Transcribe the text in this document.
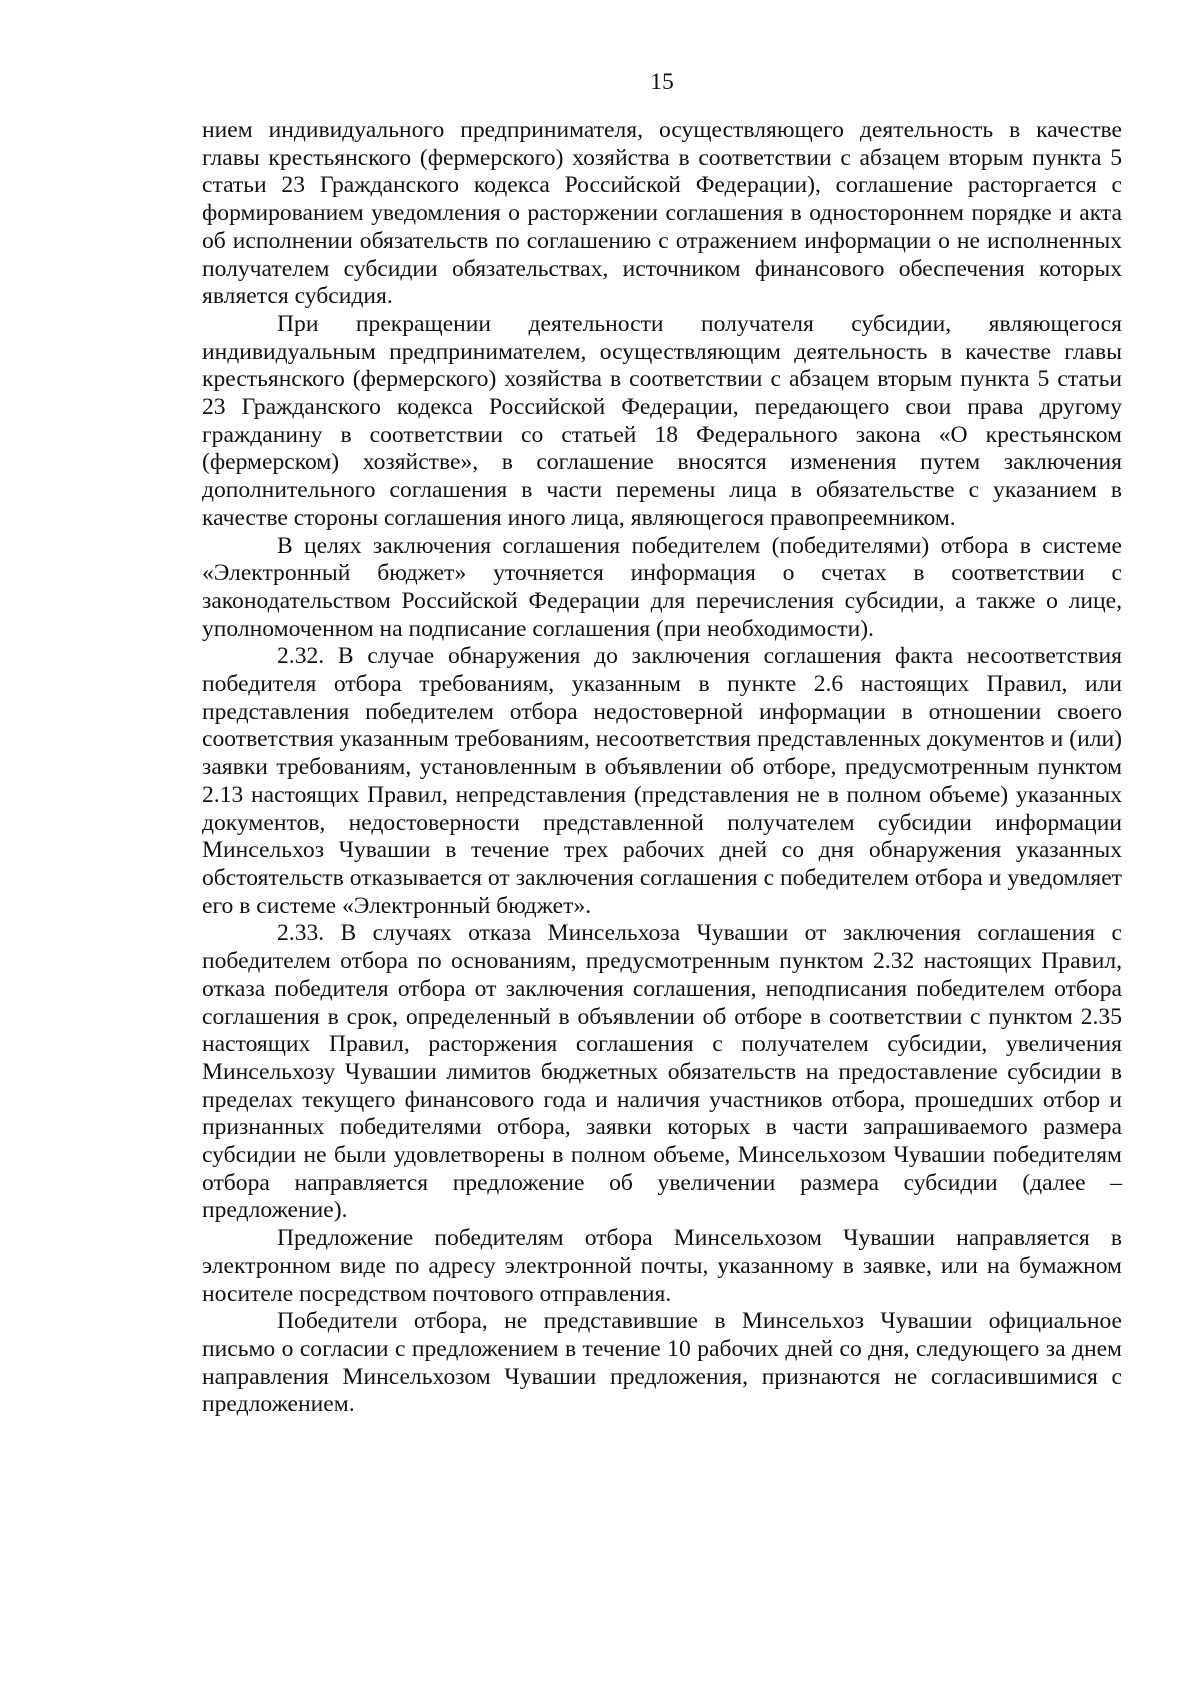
15

нием индивидуального предпринимателя, осуществляющего деятельность в качестве главы крестьянского (фермерского) хозяйства в соответствии с абзацем вторым пункта 5 статьи 23 Гражданского кодекса Российской Федерации), соглашение расторгается с формированием уведомления о расторжении соглашения в одностороннем порядке и акта об исполнении обязательств по соглашению с отражением информации о не исполненных получателем субсидии обязательствах, источником финансового обеспечения которых является субсидия.

При прекращении деятельности получателя субсидии, являющегося индивидуальным предпринимателем, осуществляющим деятельность в качестве главы крестьянского (фермерского) хозяйства в соответствии с абзацем вторым пункта 5 статьи 23 Гражданского кодекса Российской Федерации, передающего свои права другому гражданину в соответствии со статьей 18 Федерального закона «О крестьянском (фермерском) хозяйстве», в соглашение вносятся изменения путем заключения дополнительного соглашения в части перемены лица в обязательстве с указанием в качестве стороны соглашения иного лица, являющегося правопреемником.

В целях заключения соглашения победителем (победителями) отбора в системе «Электронный бюджет» уточняется информация о счетах в соответствии с законодательством Российской Федерации для перечисления субсидии, а также о лице, уполномоченном на подписание соглашения (при необходимости).

2.32. В случае обнаружения до заключения соглашения факта несоответствия победителя отбора требованиям, указанным в пункте 2.6 настоящих Правил, или представления победителем отбора недостоверной информации в отношении своего соответствия указанным требованиям, несоответствия представленных документов и (или) заявки требованиям, установленным в объявлении об отборе, предусмотренным пунктом 2.13 настоящих Правил, непредставления (представления не в полном объеме) указанных документов, недостоверности представленной получателем субсидии информации Минсельхоз Чувашии в течение трех рабочих дней со дня обнаружения указанных обстоятельств отказывается от заключения соглашения с победителем отбора и уведомляет его в системе «Электронный бюджет».

2.33. В случаях отказа Минсельхоза Чувашии от заключения соглашения с победителем отбора по основаниям, предусмотренным пунктом 2.32 настоящих Правил, отказа победителя отбора от заключения соглашения, неподписания победителем отбора соглашения в срок, определенный в объявлении об отборе в соответствии с пунктом 2.35 настоящих Правил, расторжения соглашения с получателем субсидии, увеличения Минсельхозу Чувашии лимитов бюджетных обязательств на предоставление субсидии в пределах текущего финансового года и наличия участников отбора, прошедших отбор и признанных победителями отбора, заявки которых в части запрашиваемого размера субсидии не были удовлетворены в полном объеме, Минсельхозом Чувашии победителям отбора направляется предложение об увеличении размера субсидии (далее – предложение).

Предложение победителям отбора Минсельхозом Чувашии направляется в электронном виде по адресу электронной почты, указанному в заявке, или на бумажном носителе посредством почтового отправления.

Победители отбора, не представившие в Минсельхоз Чувашии официальное письмо о согласии с предложением в течение 10 рабочих дней со дня, следующего за днем направления Минсельхозом Чувашии предложения, признаются не согласившимися с предложением.
